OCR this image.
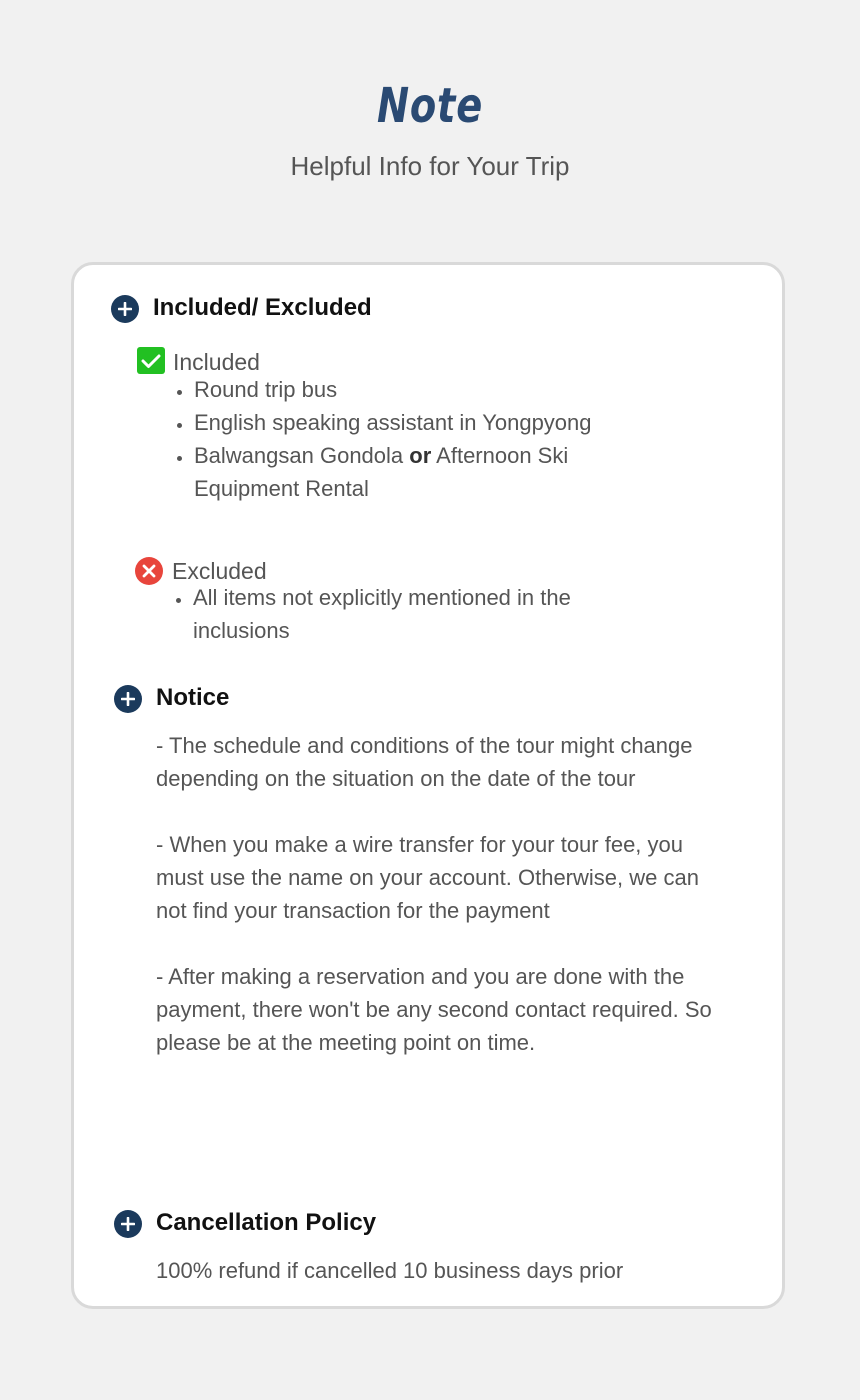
Note
Helpful Info for Your Trip
Included/ Excluded
Included
• Round trip bus
• English speaking assistant in Yongpyong
• Balwangsan Gondola or Afternoon Ski Equipment Rental
Excluded
• All items not explicitly mentioned in the inclusions
Notice

- The schedule and conditions of the tour might change depending on the situation on the date of the tour

- When you make a wire transfer for your tour fee, you must use the name on your account. Otherwise, we can not find your transaction for the payment

- After making a reservation and you are done with the payment, there won't be any second contact required. So please be at the meeting point on time.

Cancellation Policy

100% refund if cancelled 10 business days prior
